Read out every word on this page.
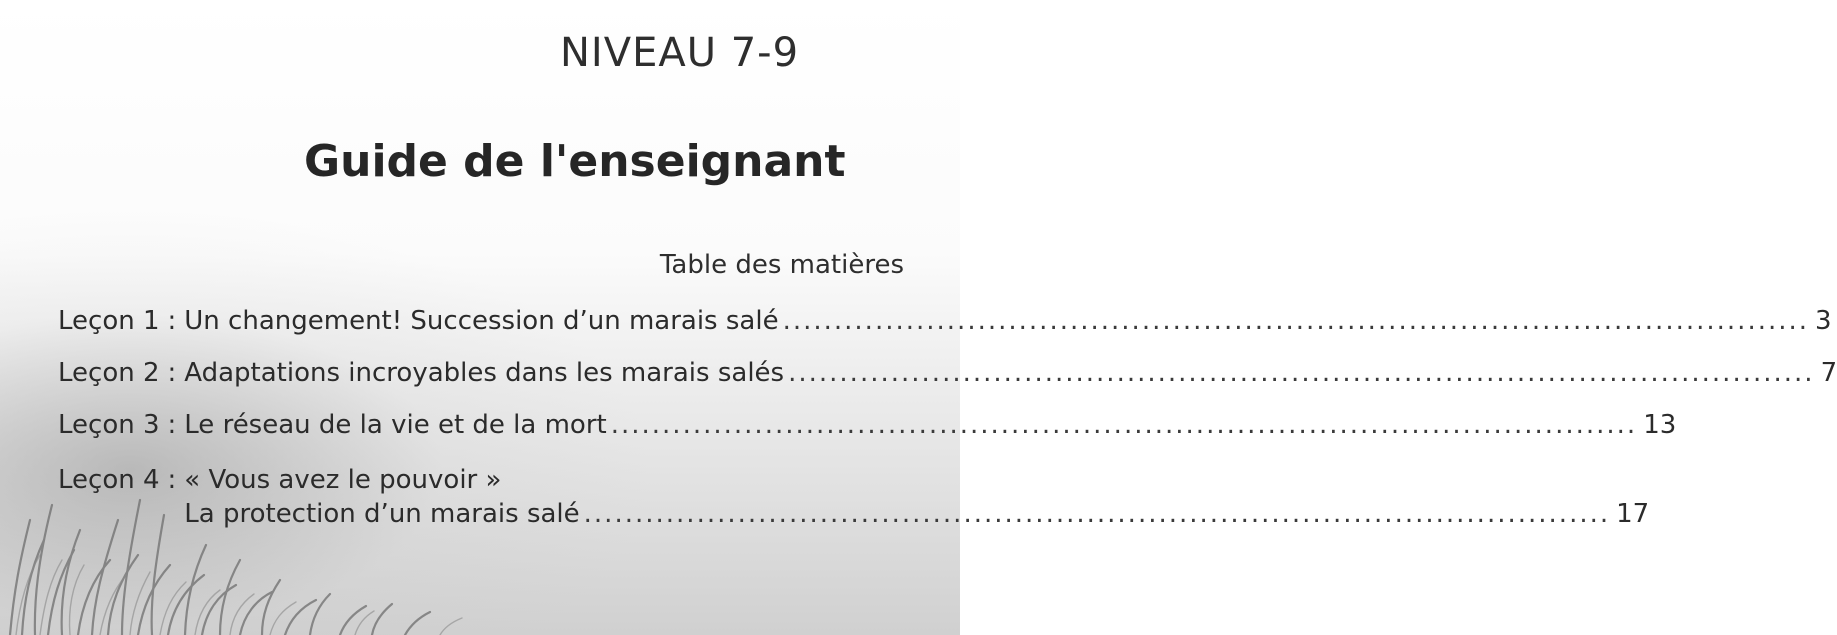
NIVEAU 7-9
Guide de l'enseignant
Table des matières
Leçon 1 : Un changement! Succession d’un marais salé .................................................................................................... 3
Leçon 2 : Adaptations incroyables dans les marais salés .................................................................................................... 7
Leçon 3 : Le réseau de la vie et de la mort .................................................................................................... 13
Leçon 4 : « Vous avez le pouvoir »
La protection d’un marais salé .................................................................................................... 17
